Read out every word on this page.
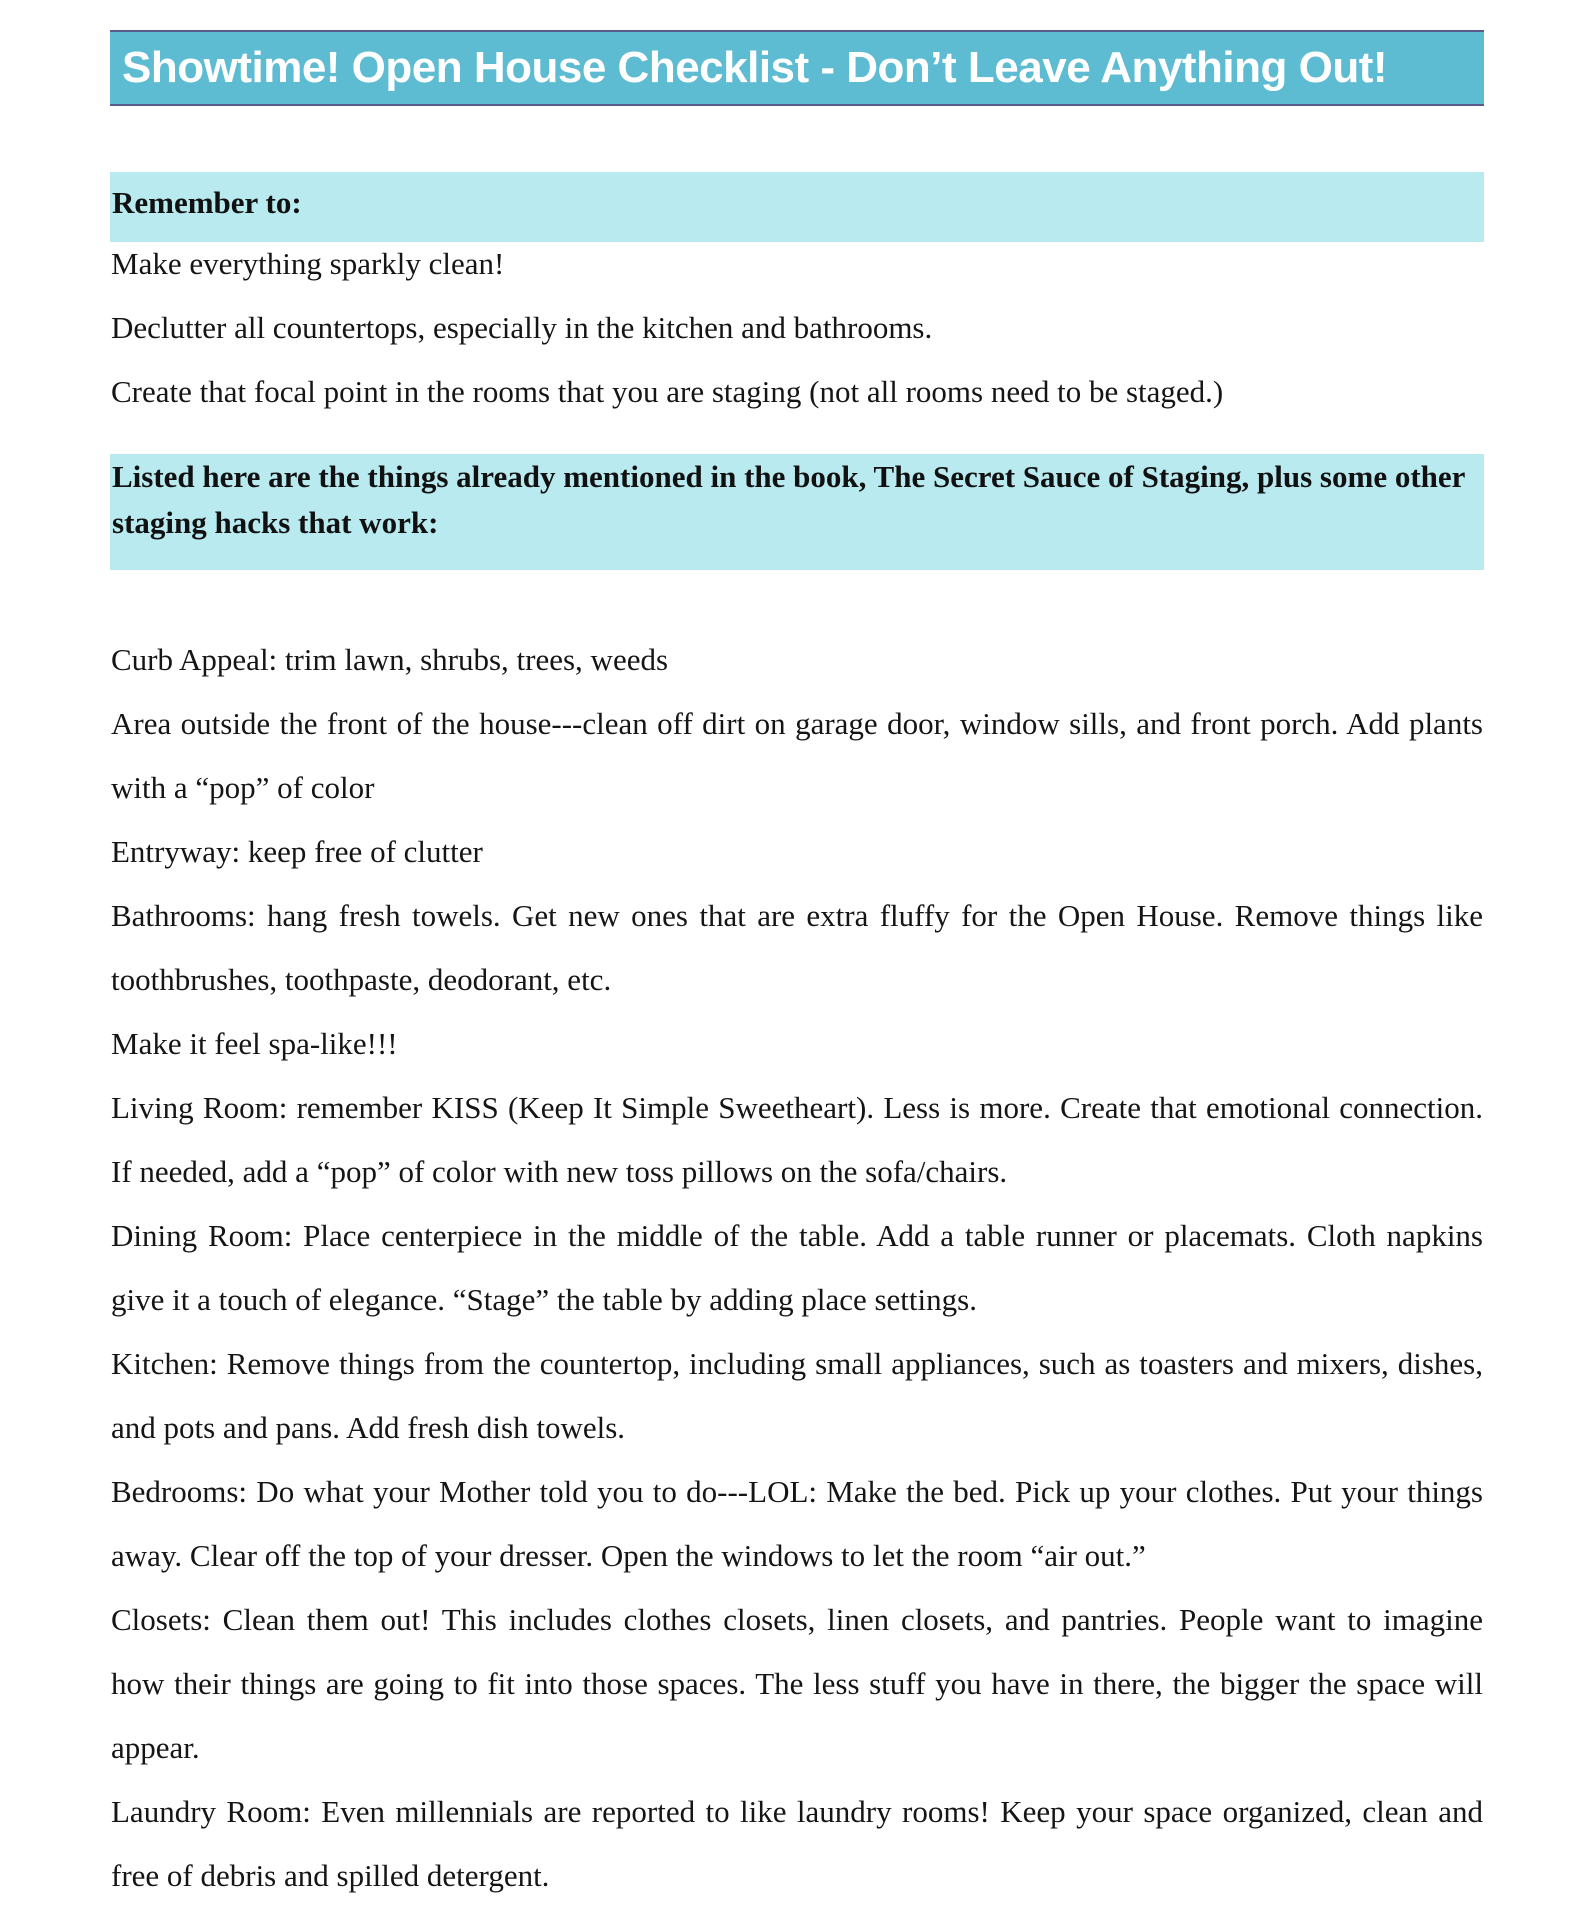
Showtime! Open House Checklist - Don’t Leave Anything Out!
Remember to:
Make everything sparkly clean!
Declutter all countertops, especially in the kitchen and bathrooms.
Create that focal point in the rooms that you are staging (not all rooms need to be staged.)
Listed here are the things already mentioned in the book, The Secret Sauce of Staging, plus some other staging hacks that work:
Curb Appeal: trim lawn, shrubs, trees, weeds
Area outside the front of the house---clean off dirt on garage door, window sills, and front porch. Add plants with a “pop” of color
Entryway: keep free of clutter
Bathrooms: hang fresh towels. Get new ones that are extra fluffy for the Open House. Remove things like toothbrushes, toothpaste, deodorant, etc.
Make it feel spa-like!!!
Living Room: remember KISS (Keep It Simple Sweetheart). Less is more. Create that emotional connection. If needed, add a “pop” of color with new toss pillows on the sofa/chairs.
Dining Room: Place centerpiece in the middle of the table. Add a table runner or placemats. Cloth napkins give it a touch of elegance. “Stage” the table by adding place settings.
Kitchen: Remove things from the countertop, including small appliances, such as toasters and mixers, dishes, and pots and pans. Add fresh dish towels.
Bedrooms: Do what your Mother told you to do---LOL: Make the bed. Pick up your clothes. Put your things away. Clear off the top of your dresser. Open the windows to let the room “air out.”
Closets: Clean them out! This includes clothes closets, linen closets, and pantries. People want to imagine how their things are going to fit into those spaces. The less stuff you have in there, the bigger the space will appear.
Laundry Room: Even millennials are reported to like laundry rooms! Keep your space organized, clean and free of debris and spilled detergent.
